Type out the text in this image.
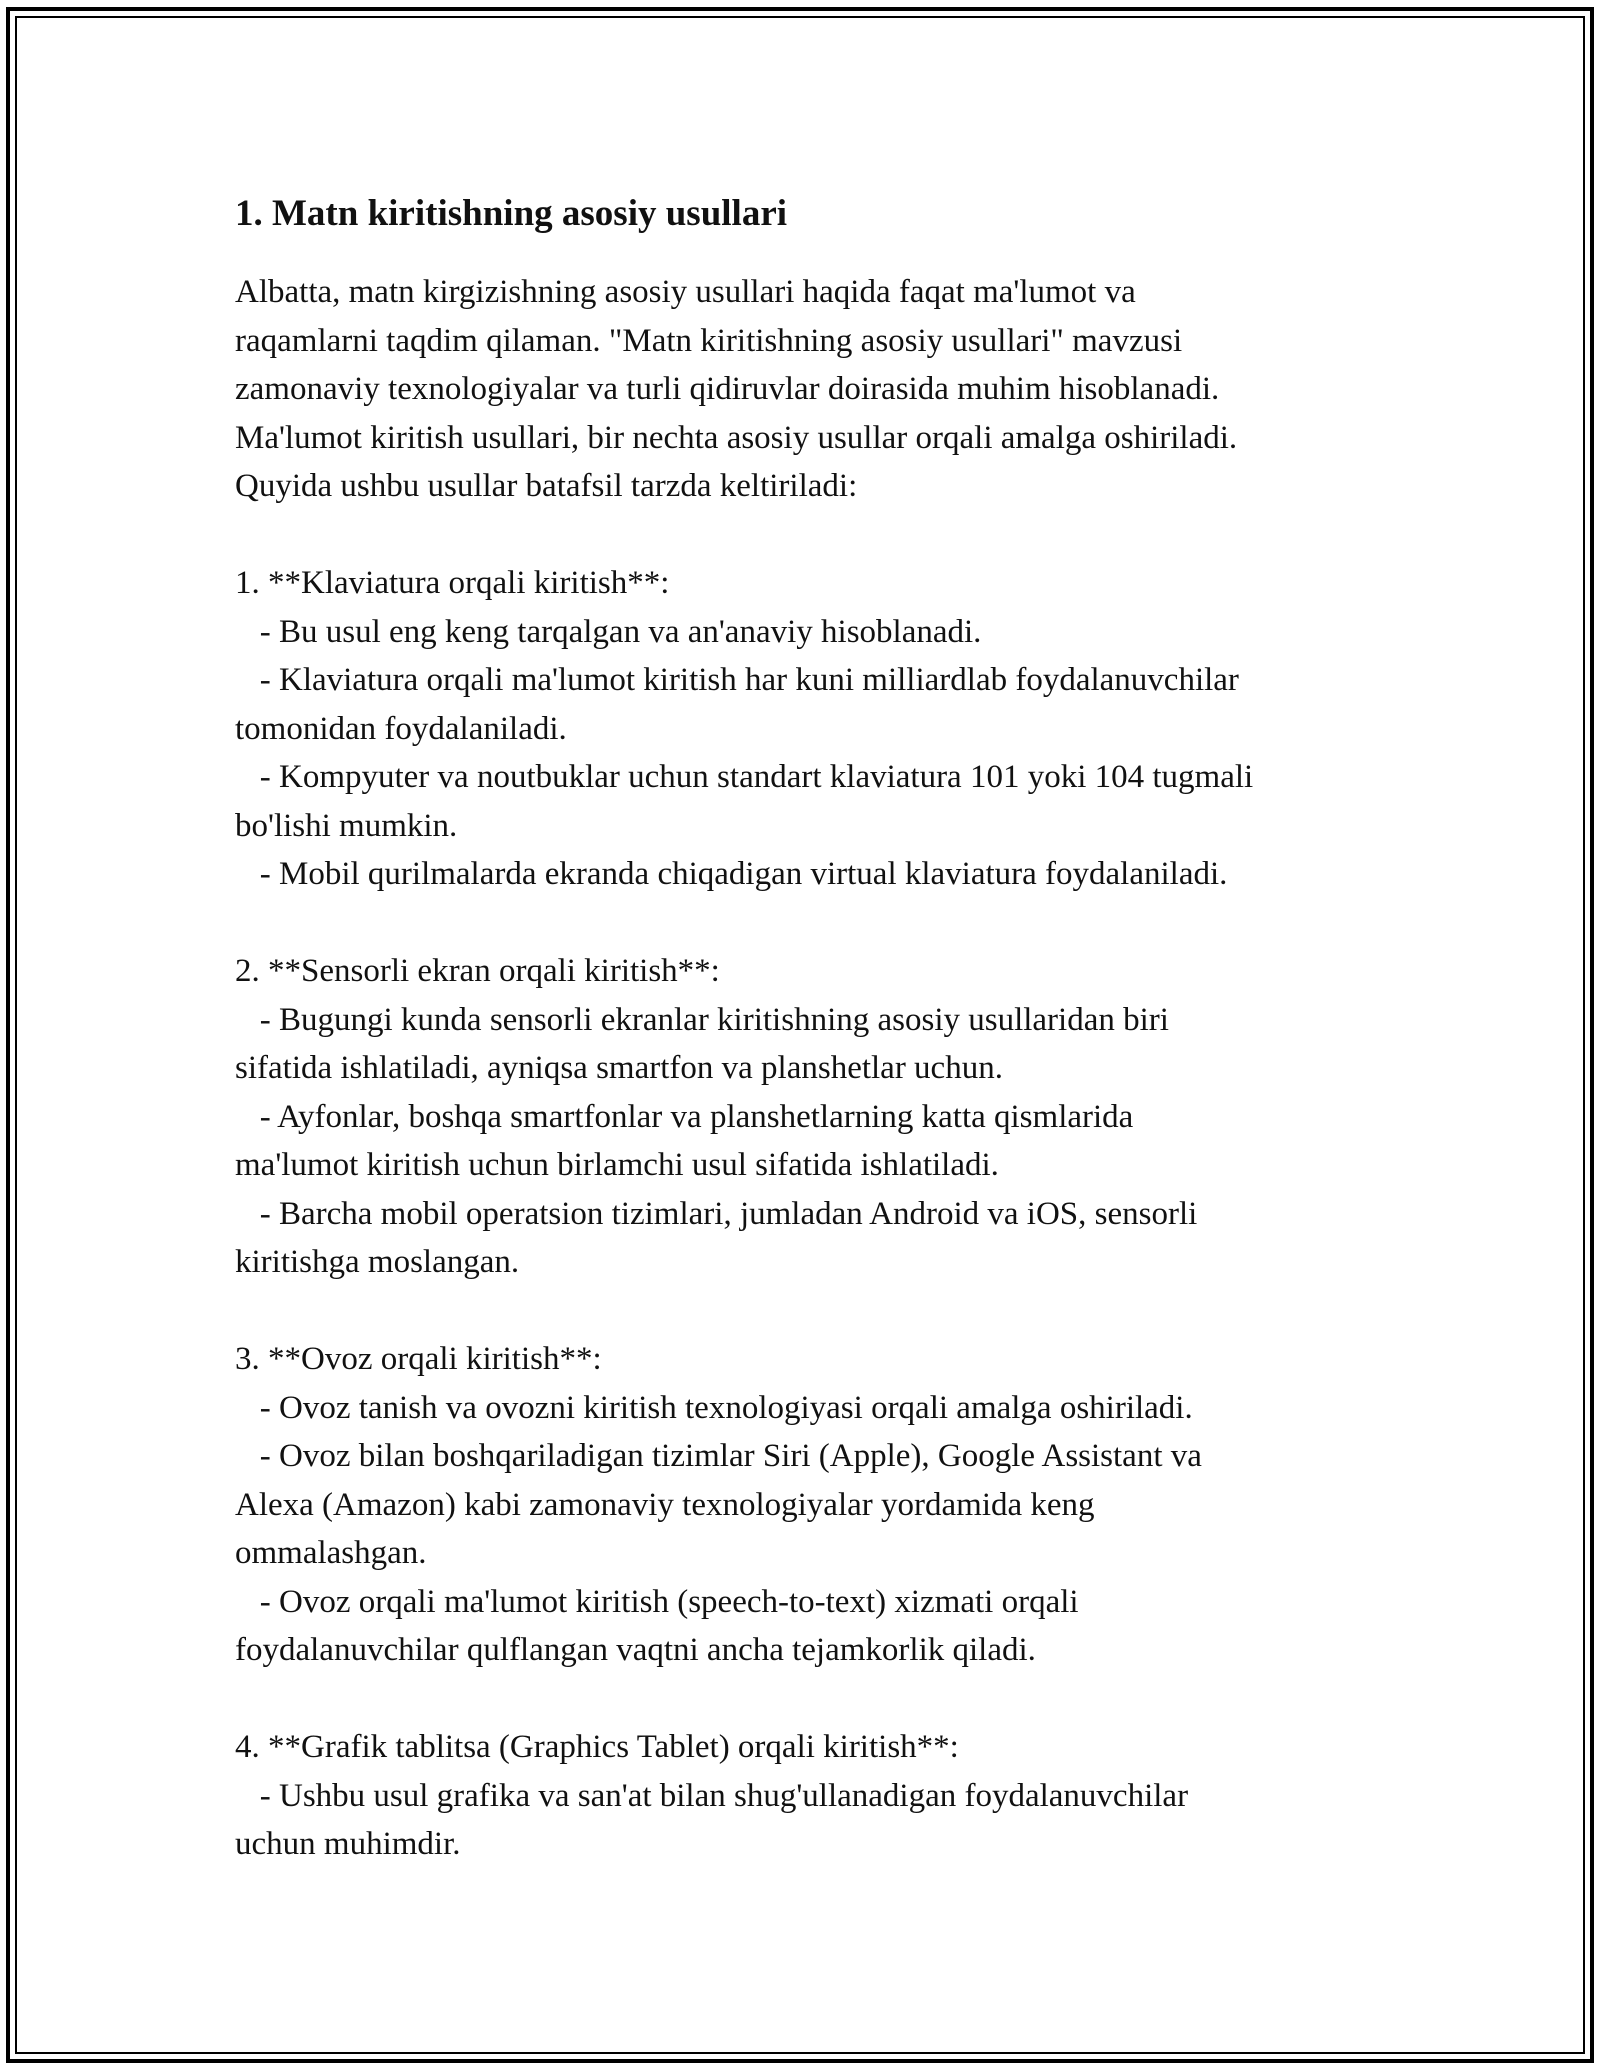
1. Matn kiritishning asosiy usullari

Albatta, matn kirgizishning asosiy usullari haqida faqat ma'lumot va
raqamlarni taqdim qilaman. "Matn kiritishning asosiy usullari" mavzusi
zamonaviy texnologiyalar va turli qidiruvlar doirasida muhim hisoblanadi.
Ma'lumot kiritish usullari, bir nechta asosiy usullar orqali amalga oshiriladi.
Quyida ushbu usullar batafsil tarzda keltiriladi:

1. **Klaviatura orqali kiritish**:
- Bu usul eng keng tarqalgan va an'anaviy hisoblanadi.
- Klaviatura orqali ma'lumot kiritish har kuni milliardlab foydalanuvchilar
tomonidan foydalaniladi.
- Kompyuter va noutbuklar uchun standart klaviatura 101 yoki 104 tugmali
bo'lishi mumkin.
- Mobil qurilmalarda ekranda chiqadigan virtual klaviatura foydalaniladi.
2. **Sensorli ekran orqali kiritish**:
- Bugungi kunda sensorli ekranlar kiritishning asosiy usullaridan biri
sifatida ishlatiladi, ayniqsa smartfon va planshetlar uchun.
- Ayfonlar, boshqa smartfonlar va planshetlarning katta qismlarida
ma'lumot kiritish uchun birlamchi usul sifatida ishlatiladi.
- Barcha mobil operatsion tizimlari, jumladan Android va iOS, sensorli
kiritishga moslangan.
3. **Ovoz orqali kiritish**:
- Ovoz tanish va ovozni kiritish texnologiyasi orqali amalga oshiriladi.
- Ovoz bilan boshqariladigan tizimlar Siri (Apple), Google Assistant va
Alexa (Amazon) kabi zamonaviy texnologiyalar yordamida keng
ommalashgan.
- Ovoz orqali ma'lumot kiritish (speech-to-text) xizmati orqali
foydalanuvchilar qulflangan vaqtni ancha tejamkorlik qiladi.
4. **Grafik tablitsa (Graphics Tablet) orqali kiritish**:
- Ushbu usul grafika va san'at bilan shug'ullanadigan foydalanuvchilar
uchun muhimdir.
